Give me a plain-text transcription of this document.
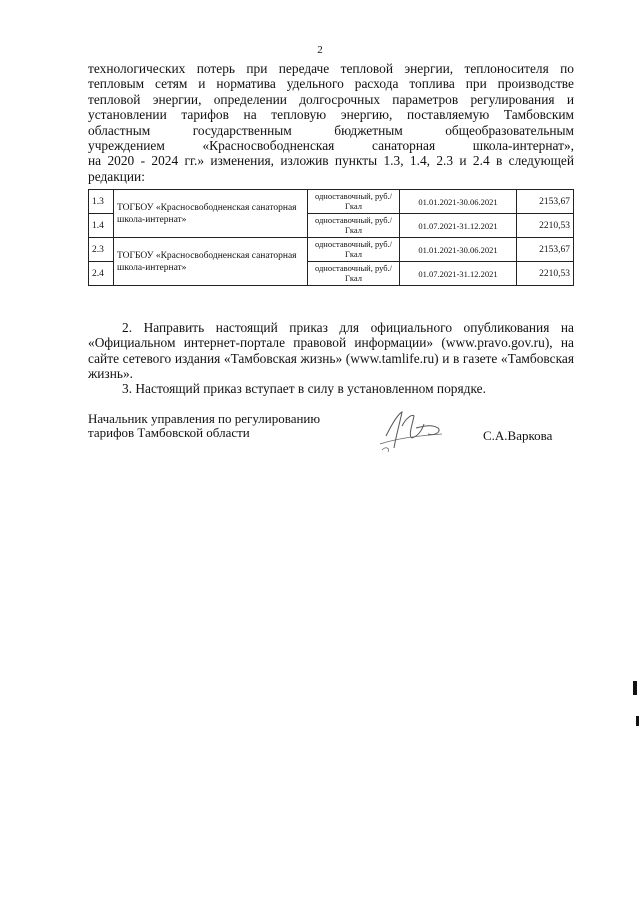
2
технологических потерь при передаче тепловой энергии, теплоносителя по
тепловым сетям и норматива удельного расхода топлива при производстве
тепловой энергии, определении долгосрочных параметров регулирования и
установлении тарифов на тепловую энергию, поставляемую Тамбовским
областным государственным бюджетным общеобразовательным
учреждением «Красносвободненская санаторная школа-интернат»,
на 2020 - 2024 гг.» изменения, изложив пункты 1.3, 1.4, 2.3 и 2.4 в следующей
редакции:
1.3	ТОГБОУ «Красносвободненская санаторная школа-интернат»	одноставочный, руб./Гкал	01.01.2021-30.06.2021	2153,67
1.4		одноставочный, руб./Гкал	01.07.2021-31.12.2021	2210,53
2.3	ТОГБОУ «Красносвободненская санаторная школа-интернат»	одноставочный, руб./Гкал	01.01.2021-30.06.2021	2153,67
2.4		одноставочный, руб./Гкал	01.07.2021-31.12.2021	2210,53
2. Направить настоящий приказ для официального опубликования на «Официальном интернет-портале правовой информации» (www.pravo.gov.ru), на сайте сетевого издания «Тамбовская жизнь» (www.tamlife.ru) и в газете «Тамбовская жизнь».
3. Настоящий приказ вступает в силу в установленном порядке.
Начальник управления по регулированию
тарифов Тамбовской области	С.А.Варкова
